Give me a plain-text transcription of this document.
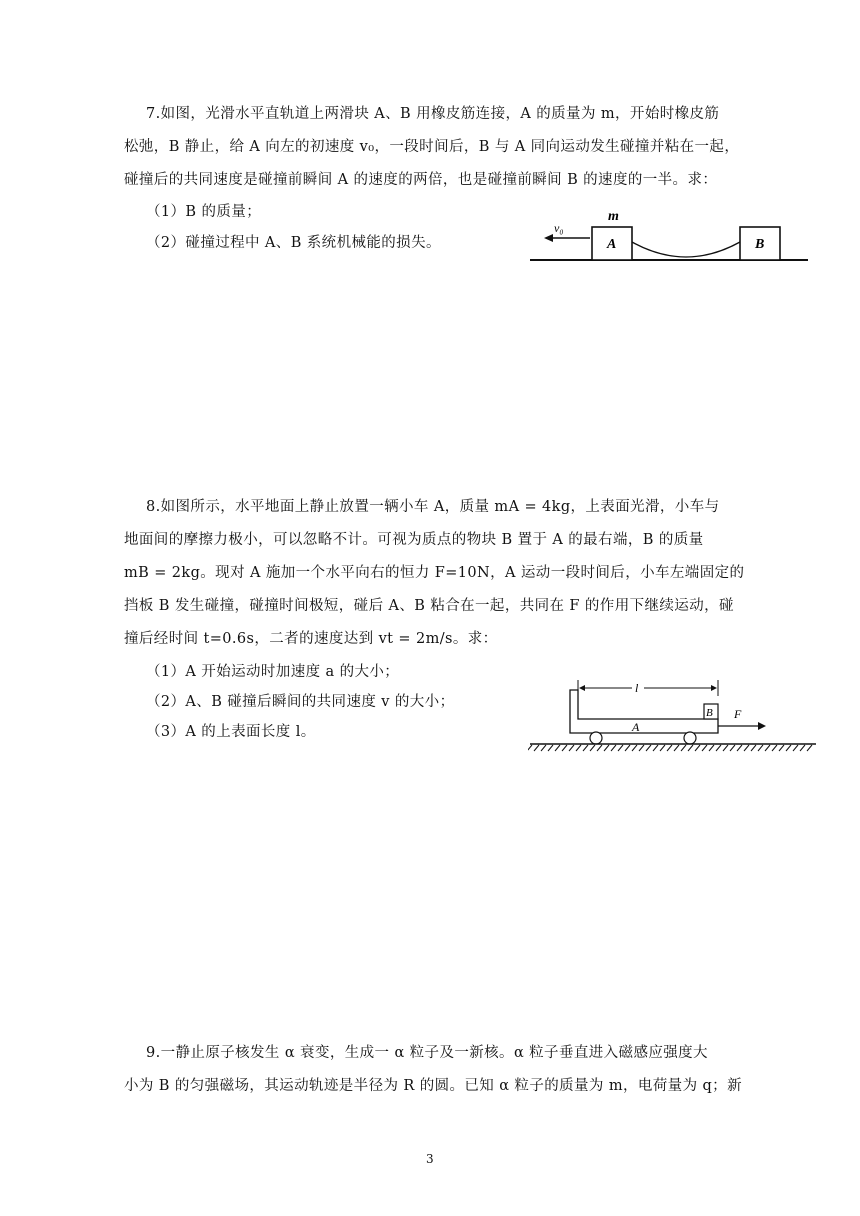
7.如图，光滑水平直轨道上两滑块 A、B 用橡皮筋连接，A 的质量为 m，开始时橡皮筋
松弛，B 静止，给 A 向左的初速度 v₀，一段时间后，B 与 A 同向运动发生碰撞并粘在一起，
碰撞后的共同速度是碰撞前瞬间 A 的速度的两倍，也是碰撞前瞬间 B 的速度的一半。求：
（1）B 的质量；
（2）碰撞过程中 A、B 系统机械能的损失。
v₀
m
A	B
8.如图所示，水平地面上静止放置一辆小车 A，质量 mA = 4kg，上表面光滑，小车与
地面间的摩擦力极小，可以忽略不计。可视为质点的物块 B 置于 A 的最右端，B 的质量
mB = 2kg。现对 A 施加一个水平向右的恒力 F=10N，A 运动一段时间后，小车左端固定的
挡板 B 发生碰撞，碰撞时间极短，碰后 A、B 粘合在一起，共同在 F 的作用下继续运动，碰
撞后经时间 t=0.6s，二者的速度达到 vt = 2m/s。求：
（1）A 开始运动时加速度 a 的大小；
（2）A、B 碰撞后瞬间的共同速度 v 的大小；
（3）A 的上表面长度 l。
l
A
B F
9.一静止原子核发生 α 衰变，生成一 α 粒子及一新核。α 粒子垂直进入磁感应强度大
小为 B 的匀强磁场，其运动轨迹是半径为 R 的圆。已知 α 粒子的质量为 m，电荷量为 q；新
3
